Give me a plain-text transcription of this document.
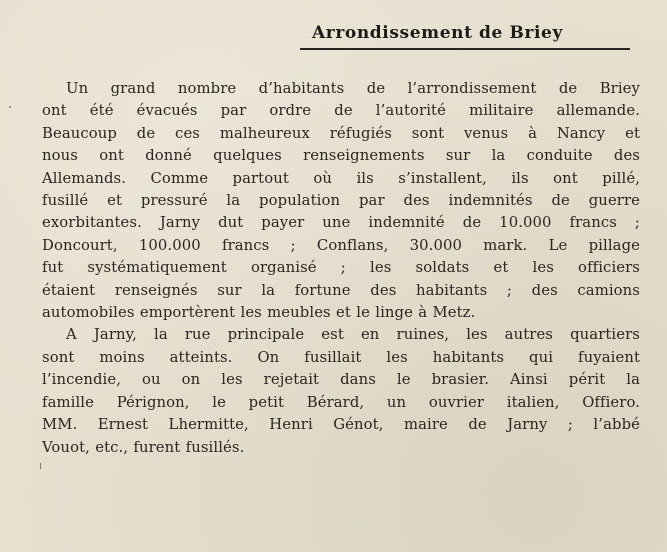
Arrondissement de Briey
Un grand nombre d’habitants de l’arrondissement de Briey
ont été évacués par ordre de l’autorité militaire allemande.
Beaucoup de ces malheureux réfugiés sont venus à Nancy et
nous ont donné quelques renseignements sur la conduite des
Allemands. Comme partout où ils s’installent, ils ont pillé,
fusillé et pressuré la population par des indemnités de guerre
exorbitantes. Jarny dut payer une indemnité de 10.000 francs ;
Doncourt, 100.000 francs ; Conflans, 30.000 mark. Le pillage
fut systématiquement organisé ; les soldats et les officiers
étaient renseignés sur la fortune des habitants ; des camions
automobiles emportèrent les meubles et le linge à Metz.
A Jarny, la rue principale est en ruines, les autres quartiers
sont moins atteints. On fusillait les habitants qui fuyaient
l’incendie, ou on les rejetait dans le brasier. Ainsi périt la
famille Pérignon, le petit Bérard, un ouvrier italien, Offiero.
MM. Ernest Lhermitte, Henri Génot, maire de Jarny ; l’abbé
Vouot, etc., furent fusillés.
